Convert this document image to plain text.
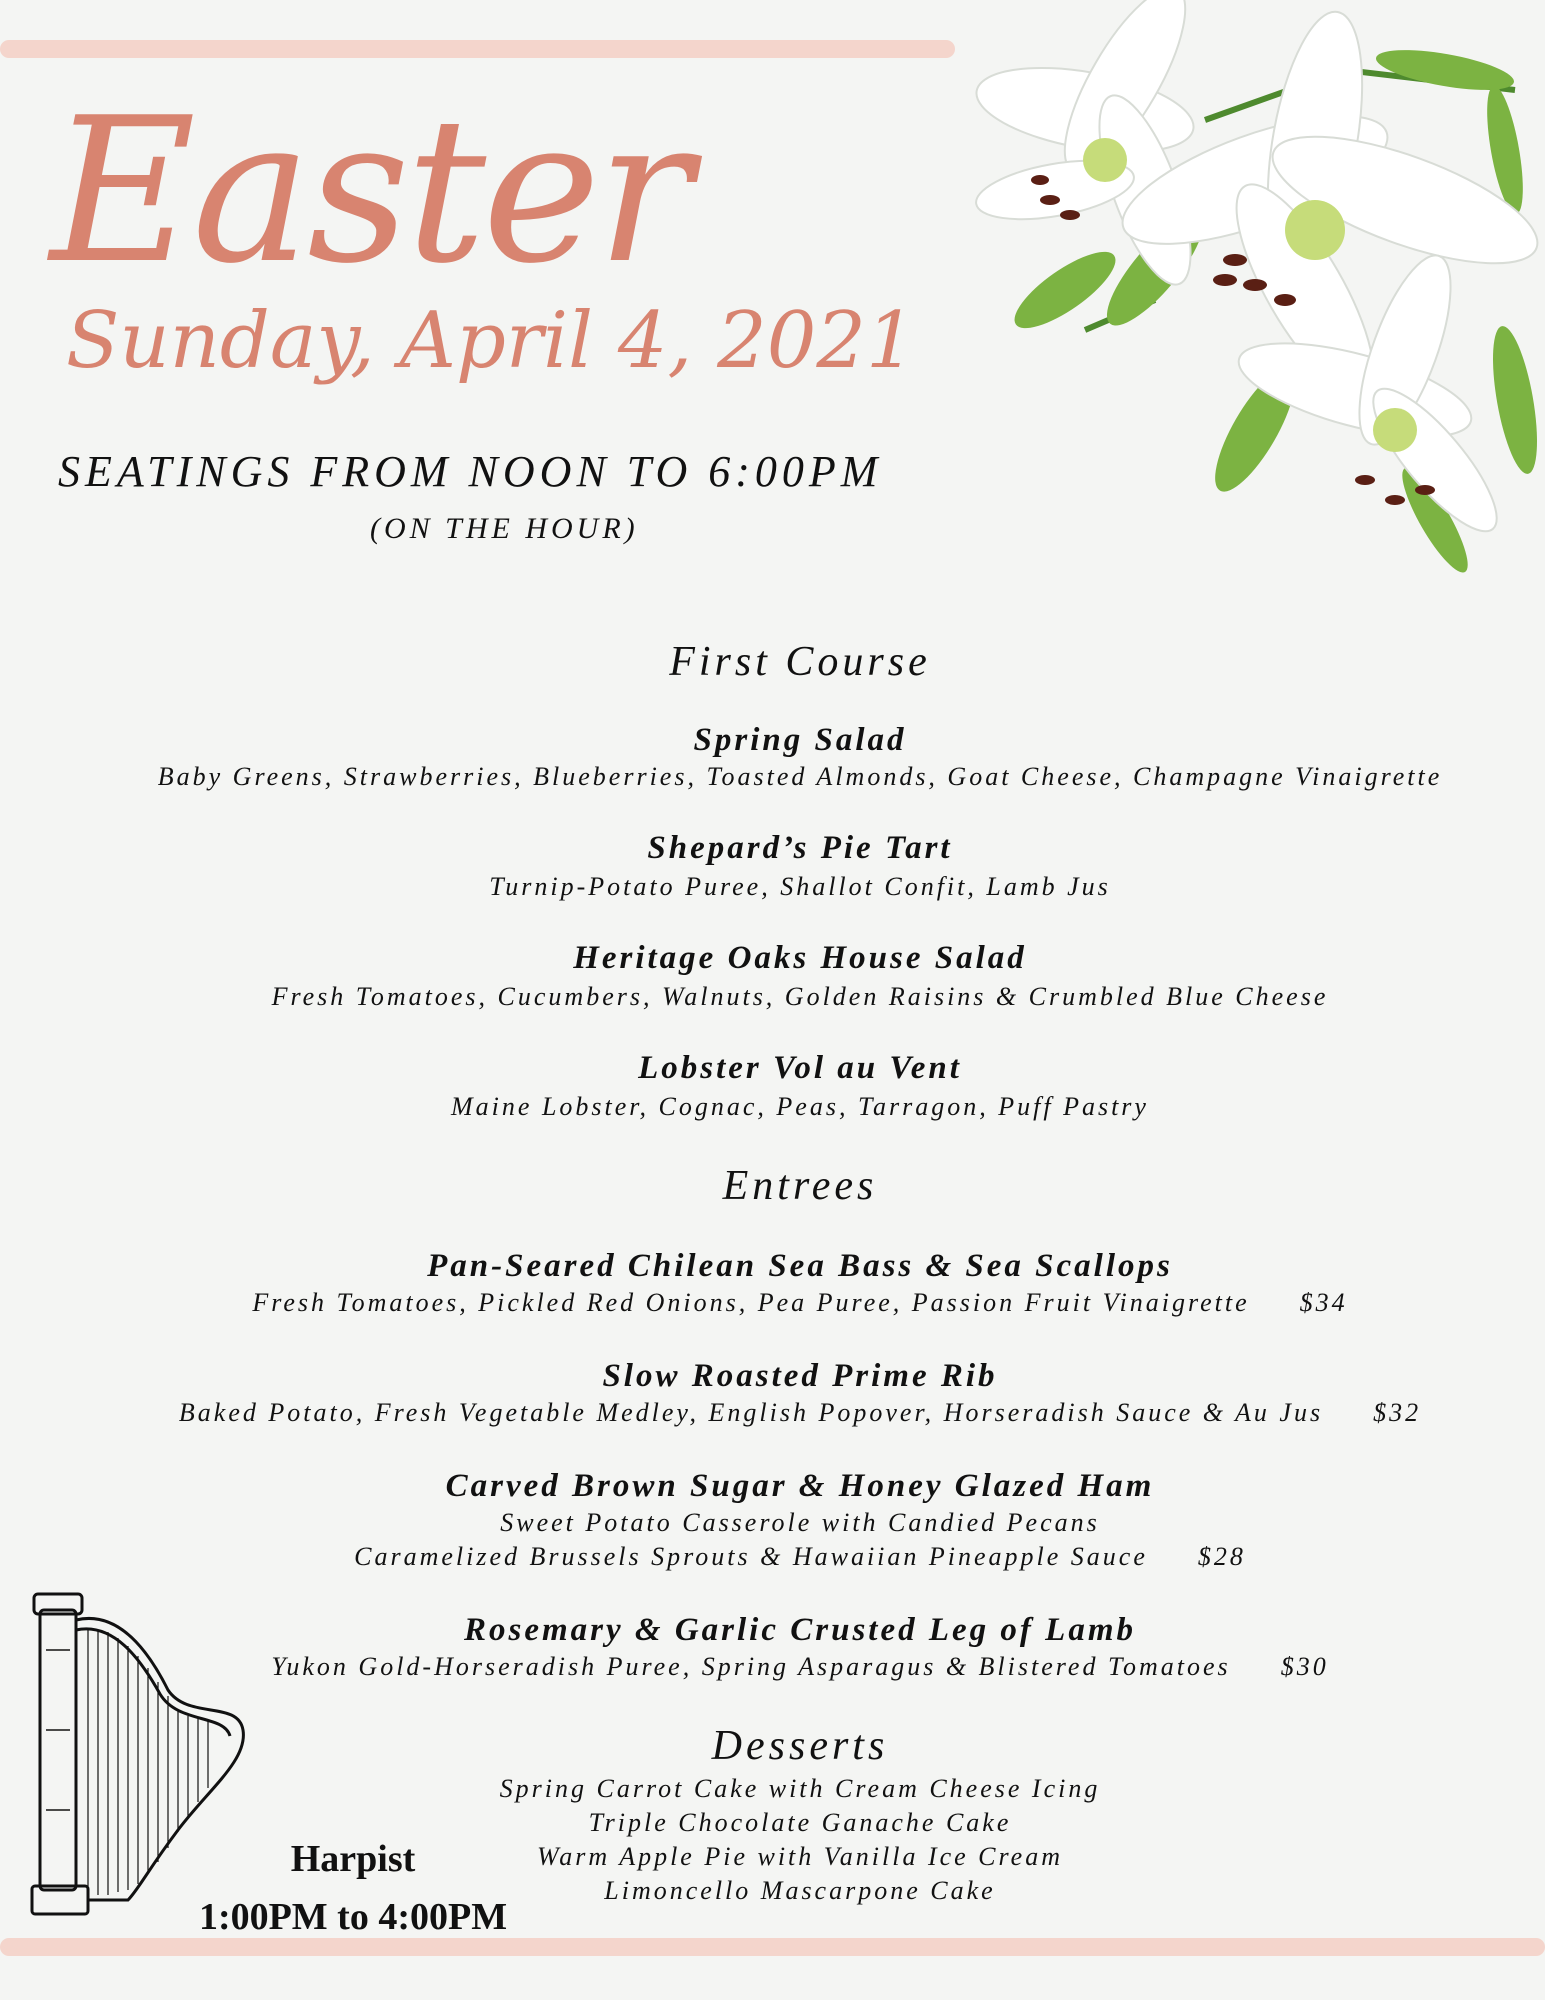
Easter
Sunday, April 4, 2021
SEATINGS FROM NOON TO 6:00PM
(ON THE HOUR)
First Course
Spring Salad
Baby Greens, Strawberries, Blueberries, Toasted Almonds, Goat Cheese, Champagne Vinaigrette
Shepard’s Pie Tart
Turnip-Potato Puree, Shallot Confit, Lamb Jus
Heritage Oaks House Salad
Fresh Tomatoes, Cucumbers, Walnuts, Golden Raisins & Crumbled Blue Cheese
Lobster Vol au Vent
Maine Lobster, Cognac, Peas, Tarragon, Puff Pastry
Entrees
Pan-Seared Chilean Sea Bass & Sea Scallops
Fresh Tomatoes, Pickled Red Onions, Pea Puree, Passion Fruit Vinaigrette $34
Slow Roasted Prime Rib
Baked Potato, Fresh Vegetable Medley, English Popover, Horseradish Sauce & Au Jus $32
Carved Brown Sugar & Honey Glazed Ham
Sweet Potato Casserole with Candied Pecans
Caramelized Brussels Sprouts & Hawaiian Pineapple Sauce $28
Rosemary & Garlic Crusted Leg of Lamb
Yukon Gold-Horseradish Puree, Spring Asparagus & Blistered Tomatoes $30
Desserts
Spring Carrot Cake with Cream Cheese Icing
Triple Chocolate Ganache Cake
Warm Apple Pie with Vanilla Ice Cream
Limoncello Mascarpone Cake
Harpist
1:00PM to 4:00PM
